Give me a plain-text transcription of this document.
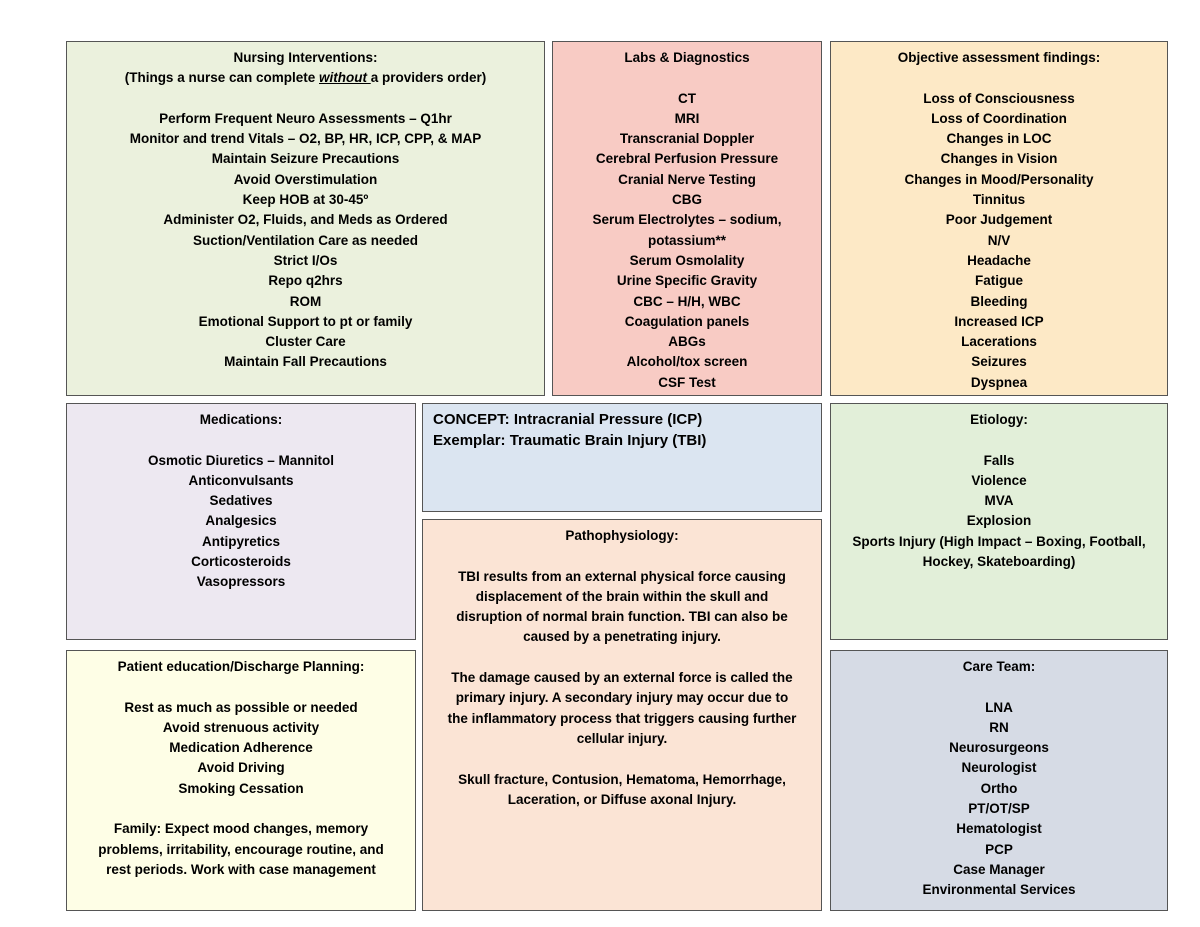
Nursing Interventions:
(Things a nurse can complete without a providers order)
Perform Frequent Neuro Assessments – Q1hr
Monitor and trend Vitals – O2, BP, HR, ICP, CPP, & MAP
Maintain Seizure Precautions
Avoid Overstimulation
Keep HOB at 30-45º
Administer O2, Fluids, and Meds as Ordered
Suction/Ventilation Care as needed
Strict I/Os
Repo q2hrs
ROM
Emotional Support to pt or family
Cluster Care
Maintain Fall Precautions
Labs & Diagnostics
CT
MRI
Transcranial Doppler
Cerebral Perfusion Pressure
Cranial Nerve Testing
CBG
Serum Electrolytes – sodium,
potassium**
Serum Osmolality
Urine Specific Gravity
CBC – H/H, WBC
Coagulation panels
ABGs
Alcohol/tox screen
CSF Test
Objective assessment findings:
Loss of Consciousness
Loss of Coordination
Changes in LOC
Changes in Vision
Changes in Mood/Personality
Tinnitus
Poor Judgement
N/V
Headache
Fatigue
Bleeding
Increased ICP
Lacerations
Seizures
Dyspnea
Medications:
Osmotic Diuretics – Mannitol
Anticonvulsants
Sedatives
Analgesics
Antipyretics
Corticosteroids
Vasopressors
CONCEPT: Intracranial Pressure (ICP)
Exemplar: Traumatic Brain Injury (TBI)
Etiology:
Falls
Violence
MVA
Explosion
Sports Injury (High Impact – Boxing, Football,
Hockey, Skateboarding)
Pathophysiology:
TBI results from an external physical force causing
displacement of the brain within the skull and
disruption of normal brain function. TBI can also be
caused by a penetrating injury.
The damage caused by an external force is called the
primary injury. A secondary injury may occur due to
the inflammatory process that triggers causing further
cellular injury.
Skull fracture, Contusion, Hematoma, Hemorrhage,
Laceration, or Diffuse axonal Injury.
Patient education/Discharge Planning:
Rest as much as possible or needed
Avoid strenuous activity
Medication Adherence
Avoid Driving
Smoking Cessation
Family: Expect mood changes, memory
problems, irritability, encourage routine, and
rest periods. Work with case management
Care Team:
LNA
RN
Neurosurgeons
Neurologist
Ortho
PT/OT/SP
Hematologist
PCP
Case Manager
Environmental Services
